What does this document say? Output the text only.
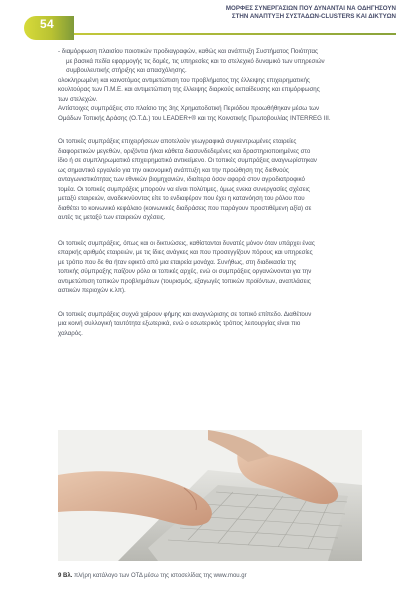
54
ΜΟΡΦΕΣ ΣΥΝΕΡΓΑΣΙΩΝ ΠΟΥ ΔΥΝΑΝΤΑΙ ΝΑ ΟΔΗΓΗΣΟΥΝ
ΣΤΗΝ ΑΝΑΠΤΥΞΗ ΣΥΣΤΑΔΩΝ-CLUSTERS ΚΑΙ ΔΙΚΤΥΩΝ

- διαμόρφωση πλαισίου ποιοτικών προδιαγραφών, καθώς και ανάπτυξη Συστήματος Ποιότητας

με βασικά πεδία εφαρμογής τις δομές, τις υπηρεσίες και το στελεχικό δυναμικό των υπηρεσιών

συμβουλευτικής στήριξης και απασχόλησης.

ολοκληρωμένη και καινοτόμος αντιμετώπιση του προβλήματος της έλλειψης επιχειρηματικής

κουλτούρας των Π.Μ.Ε. και αντιμετώπιση της έλλειψης διαρκούς εκπαίδευσης και επιμόρφωσης

των στελεχών.

Αντίστοιχες συμπράξεις στο πλαίσιο της 3ης Χρηματοδοτική Περιόδου προωθήθηκαν μέσω των

Ομάδων Τοπικής Δράσης (Ο.Τ.Δ.) του LEADER+® και της Κοινοτικής Πρωτοβουλίας INTERREG III.

Οι τοπικές συμπράξεις επιχειρήσεων αποτελούν γεωγραφικά συγκεντρωμένες εταιρείες

διαφορετικών μεγεθών, οριζόντια ή/και κάθετα διασυνδεδεμένες και δραστηριοποιημένες στο

ίδιο ή σε συμπληρωματικό επιχειρηματικό αντικείμενο. Οι τοπικές συμπράξεις αναγνωρίστηκαν

ως σημαντικό εργαλείο για την οικονομική ανάπτυξη και την προώθηση της διεθνούς

ανταγωνιστικότητας των εθνικών βιομηχανιών, ιδιαίτερα όσον αφορά στον αγροδιατροφικό

τομέα. Οι τοπικές συμπράξεις μπορούν να είναι πολύτιμες, όμως ενεκα συνεργασίες σχέσεις

μεταξύ εταιρειών, αναδεικνύοντας είτε το ενδιαφέρον που έχει η κατανόηση του ρόλου που

διαθέτει το κοινωνικό κεφάλαιο (κοινωνικές διαδράσεις που παράγουν προστιθέμενη αξία) σε

αυτές τις μεταξύ των εταιρειών σχέσεις.

Οι τοπικές συμπράξεις, όπως και οι δικτυώσεις, καθίστανται δυνατές μόνον όταν υπάρχει ένας

επαρκής αριθμός εταιρειών, με τις ίδιες ανάγκες και που προσεγγίζουν πόρους και υπηρεσίες

με τρόπο που δε θα ήταν εφικτό από μια εταιρεία μονάχα. Συνήθως, στη διαδικασία της

τοπικής σύμπραξης παίζουν ρόλο οι τοπικές αρχές, ενώ οι συμπράξεις οργανώνονται για την

αντιμετώπιση τοπικών προβλημάτων (τουρισμός, εξαγωγές τοπικών προϊόντων, αναπλάσεις

αστικών περιοχών κ.λπ).

Οι τοπικές συμπράξεις συχνά χαίρουν φήμης και αναγνώρισης σε τοπικό επίπεδο. Διαθέτουν

μια κοινή συλλογική ταυτότητα εξωτερικά, ενώ ο εσωτερικός τρόπος λειτουργίας είναι πιο

χαλαρός.

9 Βλ. πλήρη κατάλογο των ΟΤΔ μέσω της ιστοσελίδας της www.mou.gr
